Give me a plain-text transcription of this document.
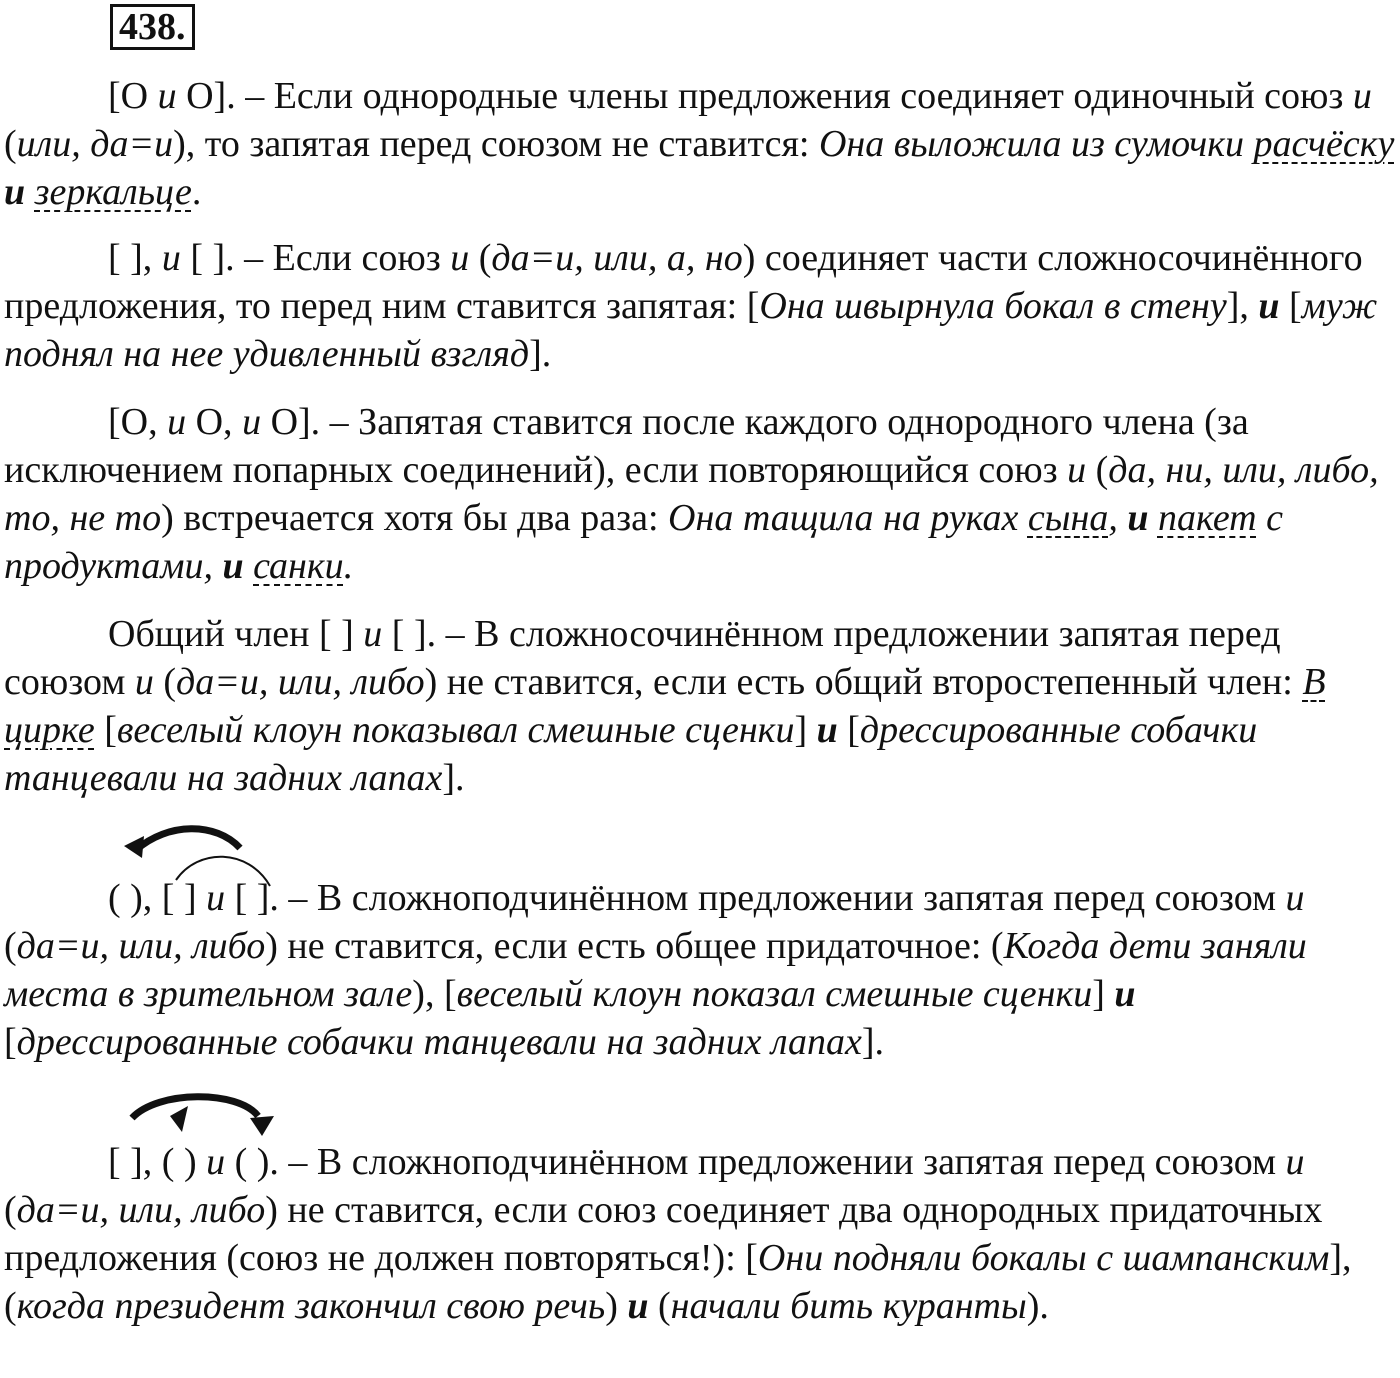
438.

[О и О]. – Если однородные члены предложения соединяет одиночный союз и (или, да=и), то запятая перед союзом не ставится: Она выложила из сумочки расчёску и зеркальце.

[ ], и [ ]. – Если союз и (да=и, или, а, но) соединяет части сложносочинённого предложения, то перед ним ставится запятая: [Она швырнула бокал в стену], и [муж поднял на нее удивленный взгляд].

[О, и О, и О]. – Запятая ставится после каждого однородного члена (за исключением попарных соединений), если повторяющийся союз и (да, ни, или, либо, то, не то) встречается хотя бы два раза: Она тащила на руках сына, и пакет с продуктами, и санки.

Общий член [ ] и [ ]. – В сложносочинённом предложении запятая перед союзом и (да=и, или, либо) не ставится, если есть общий второстепенный член: В цирке [веселый клоун показывал смешные сценки] и [дрессированные собачки танцевали на задних лапах].

( ), [ ] и [ ]. – В сложноподчинённом предложении запятая перед союзом и (да=и, или, либо) не ставится, если есть общее придаточное: (Когда дети заняли места в зрительном зале), [веселый клоун показал смешные сценки] и [дрессированные собачки танцевали на задних лапах].

[ ], ( ) и ( ). – В сложноподчинённом предложении запятая перед союзом и (да=и, или, либо) не ставится, если союз соединяет два однородных придаточных предложения (союз не должен повторяться!): [Они подняли бокалы с шампанским], (когда президент закончил свою речь) и (начали бить куранты).
